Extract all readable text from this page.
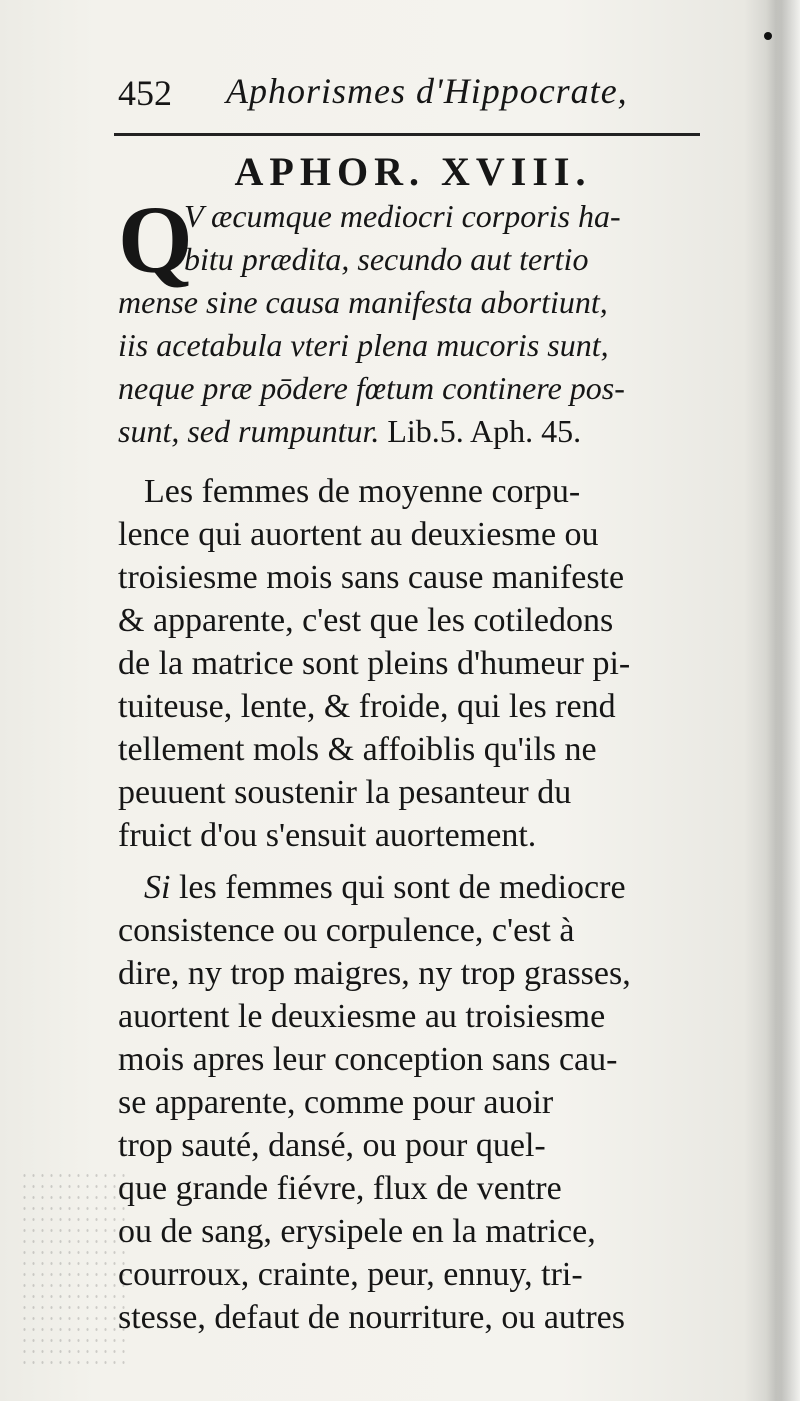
452 Aphorismes d'Hippocrate,
APHOR. XVIII.
Q
V æcumque mediocri corporis ha-
bitu prædita, secundo aut tertio
mense sine causa manifesta abortiunt,
iis acetabula vteri plena mucoris sunt,
neque præ pōdere fœtum continere pos-
sunt, sed rumpuntur. Lib.5. Aph. 45.
Les femmes de moyenne corpu-
lence qui auortent au deuxiesme ou
troisiesme mois sans cause manifeste
& apparente, c'est que les cotiledons
de la matrice sont pleins d'humeur pi-
tuiteuse, lente, & froide, qui les rend
tellement mols & affoiblis qu'ils ne
peuuent soustenir la pesanteur du
fruict d'ou s'ensuit auortement.
Si les femmes qui sont de mediocre
consistence ou corpulence, c'est à
dire, ny trop maigres, ny trop grasses,
auortent le deuxiesme au troisiesme
mois apres leur conception sans cau-
se apparente, comme pour auoir
trop sauté, dansé, ou pour quel-
que grande fiévre, flux de ventre
ou de sang, erysipele en la matrice,
courroux, crainte, peur, ennuy, tri-
stesse, defaut de nourriture, ou autres
